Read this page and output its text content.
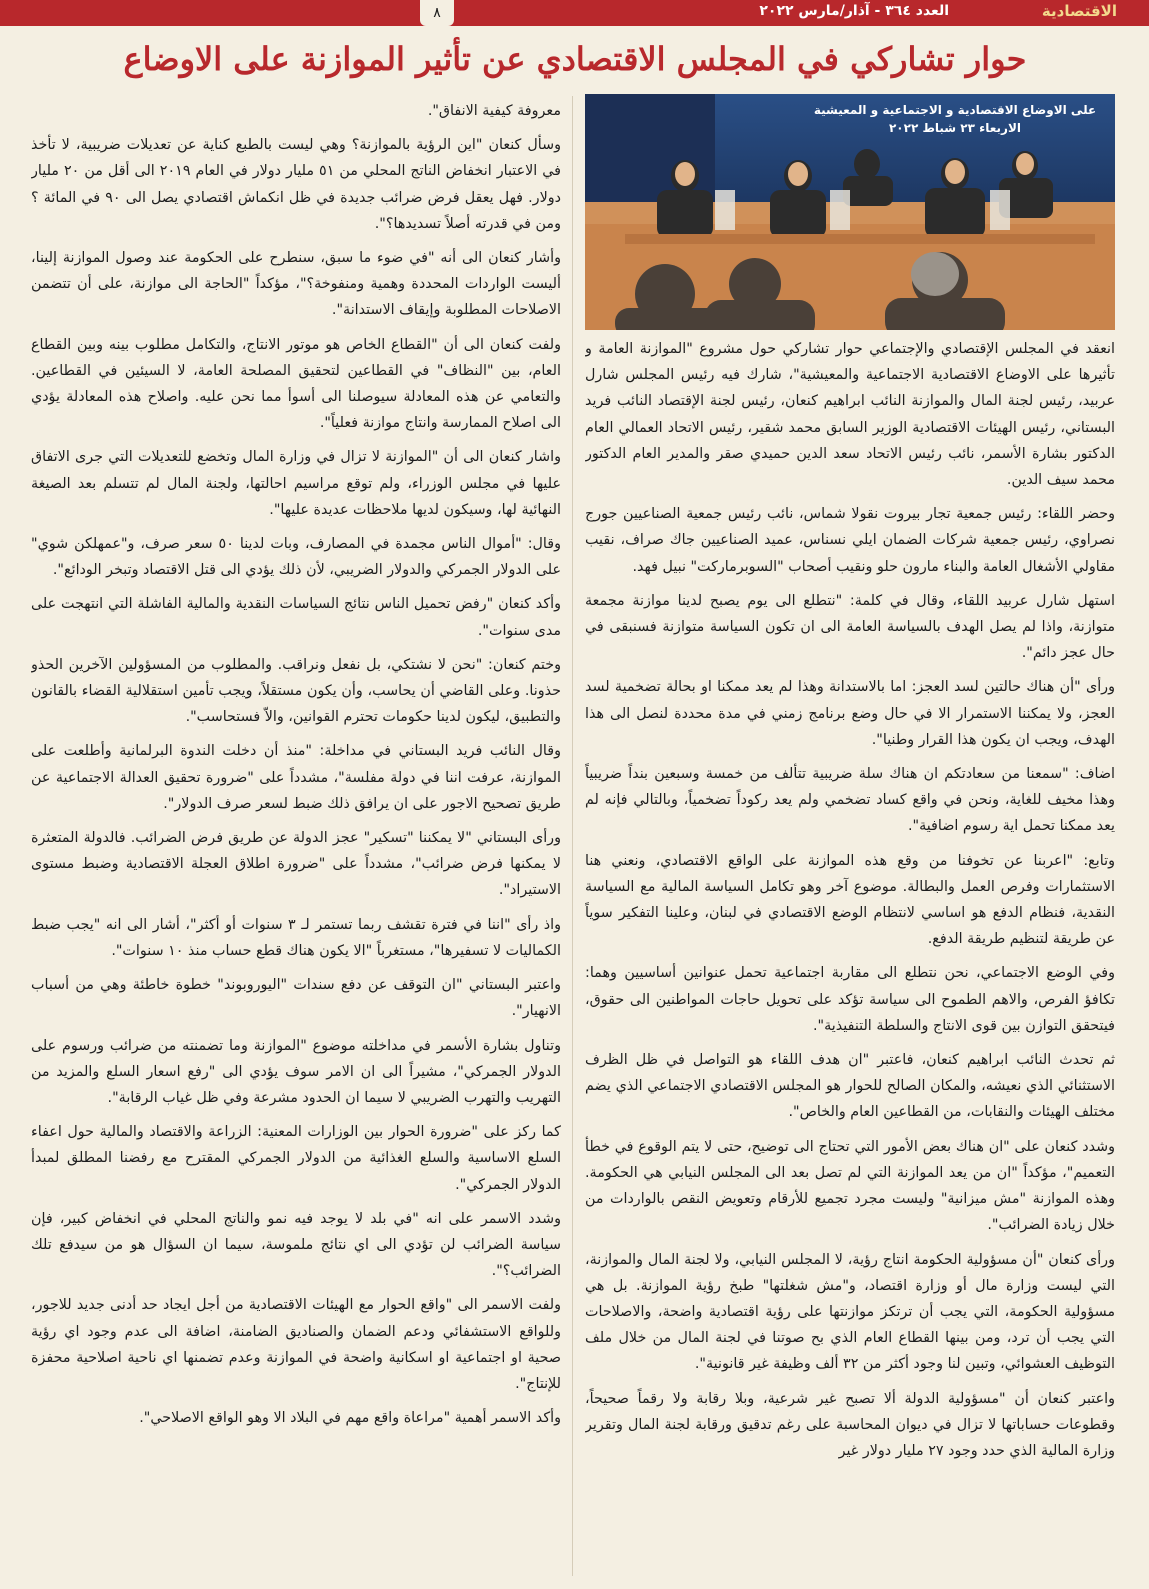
الاقتصادية
العدد ٣٦٤ - آذار/مارس ٢٠٢٢
٨
حوار تشاركي في المجلس الاقتصادي عن تأثير الموازنة على الاوضاع
على الاوضاع الاقتصادية و الاجتماعية و المعيشية
الاربعاء ٢٣ شباط ٢٠٢٢

انعقد في المجلس الإقتصادي والإجتماعي حوار تشاركي حول مشروع "الموازنة العامة و تأثيرها على الاوضاع الاقتصادية الاجتماعية والمعيشية"، شارك فيه رئيس المجلس شارل عربيد، رئيس لجنة المال والموازنة النائب ابراهيم كنعان، رئيس لجنة الإقتصاد النائب فريد البستاني، رئيس الهيئات الاقتصادية الوزير السابق محمد شقير، رئيس الاتحاد العمالي العام الدكتور بشارة الأسمر، نائب رئيس الاتحاد سعد الدين حميدي صقر والمدير العام الدكتور محمد سيف الدين.

وحضر اللقاء: رئيس جمعية تجار بيروت نقولا شماس، نائب رئيس جمعية الصناعيين جورج نصراوي، رئيس جمعية شركات الضمان ايلي نسناس، عميد الصناعيين جاك صراف، نقيب مقاولي الأشغال العامة والبناء مارون حلو ونقيب أصحاب "السوبرماركت" نبيل فهد.

استهل شارل عربيد اللقاء، وقال في كلمة: "نتطلع الى يوم يصبح لدينا موازنة مجمعة متوازنة، واذا لم يصل الهدف بالسياسة العامة الى ان تكون السياسة متوازنة فسنبقى في حال عجز دائم".

ورأى "أن هناك حالتين لسد العجز: اما بالاستدانة وهذا لم يعد ممكنا او بحالة تضخمية لسد العجز، ولا يمكننا الاستمرار الا في حال وضع برنامج زمني في مدة محددة لنصل الى هذا الهدف، ويجب ان يكون هذا القرار وطنيا".

اضاف: "سمعنا من سعادتكم ان هناك سلة ضريبية تتألف من خمسة وسبعين بنداً ضريبياً وهذا مخيف للغاية، ونحن في واقع كساد تضخمي ولم يعد ركوداً تضخمياً، وبالتالي فإنه لم يعد ممكنا تحمل اية رسوم اضافية".

وتابع: "اعربنا عن تخوفنا من وقع هذه الموازنة على الواقع الاقتصادي، ونعني هنا الاستثمارات وفرص العمل والبطالة. موضوع آخر وهو تكامل السياسة المالية مع السياسة النقدية، فنظام الدفع هو اساسي لانتظام الوضع الاقتصادي في لبنان، وعلينا التفكير سوياً عن طريقة لتنظيم طريقة الدفع.

وفي الوضع الاجتماعي، نحن نتطلع الى مقاربة اجتماعية تحمل عنوانين أساسيين وهما: تكافؤ الفرص، والاهم الطموح الى سياسة تؤكد على تحويل حاجات المواطنين الى حقوق، فيتحقق التوازن بين قوى الانتاج والسلطة التنفيذية".

ثم تحدث النائب ابراهيم كنعان، فاعتبر "ان هدف اللقاء هو التواصل في ظل الظرف الاستثنائي الذي نعيشه، والمكان الصالح للحوار هو المجلس الاقتصادي الاجتماعي الذي يضم مختلف الهيئات والنقابات، من القطاعين العام والخاص".

وشدد كنعان على "ان هناك بعض الأمور التي تحتاج الى توضيح، حتى لا يتم الوقوع في خطأ التعميم"، مؤكداً "ان من يعد الموازنة التي لم تصل بعد الى المجلس النيابي هي الحكومة. وهذه الموازنة "مش ميزانية" وليست مجرد تجميع للأرقام وتعويض النقص بالواردات من خلال زيادة الضرائب".

ورأى كنعان "أن مسؤولية الحكومة انتاج رؤية، لا المجلس النيابي، ولا لجنة المال والموازنة، التي ليست وزارة مال أو وزارة اقتصاد، و"مش شغلتها" طبخ رؤية الموازنة. بل هي مسؤولية الحكومة، التي يجب أن ترتكز موازنتها على رؤية اقتصادية واضحة، والاصلاحات التي يجب أن ترد، ومن بينها القطاع العام الذي بح صوتنا في لجنة المال من خلال ملف التوظيف العشوائي، وتبين لنا وجود أكثر من ٣٢ ألف وظيفة غير قانونية".

واعتبر كنعان أن "مسؤولية الدولة ألا تصبح غير شرعية، وبلا رقابة ولا رقماً صحيحاً، وقطوعات حساباتها لا تزال في ديوان المحاسبة على رغم تدقيق ورقابة لجنة المال وتقرير وزارة المالية الذي حدد وجود ٢٧ مليار دولار غير

معروفة كيفية الانفاق".

وسأل كنعان "اين الرؤية بالموازنة؟ وهي ليست بالطبع كناية عن تعديلات ضريبية، لا تأخذ في الاعتبار انخفاض الناتج المحلي من ٥١ مليار دولار في العام ٢٠١٩ الى أقل من ٢٠ مليار دولار. فهل يعقل فرض ضرائب جديدة في ظل انكماش اقتصادي يصل الى ٩٠ في المائة ؟ ومن في قدرته أصلاً تسديدها؟".

وأشار كنعان الى أنه "في ضوء ما سبق، سنطرح على الحكومة عند وصول الموازنة إلينا، أليست الواردات المحددة وهمية ومنفوخة؟"، مؤكداً "الحاجة الى موازنة، على أن تتضمن الاصلاحات المطلوبة وإيقاف الاستدانة".

ولفت كنعان الى أن "القطاع الخاص هو موتور الانتاج، والتكامل مطلوب بينه وبين القطاع العام، بين "النظاف" في القطاعين لتحقيق المصلحة العامة، لا السيئين في القطاعين. والتعامي عن هذه المعادلة سيوصلنا الى أسوأ مما نحن عليه. واصلاح هذه المعادلة يؤدي الى اصلاح الممارسة وانتاج موازنة فعلياً".

واشار كنعان الى أن "الموازنة لا تزال في وزارة المال وتخضع للتعديلات التي جرى الاتفاق عليها في مجلس الوزراء، ولم توقع مراسيم احالتها، ولجنة المال لم تتسلم بعد الصيغة النهائية لها، وسيكون لديها ملاحظات عديدة عليها".

وقال: "أموال الناس مجمدة في المصارف، وبات لدينا ٥٠ سعر صرف، و"عمهلكن شوي" على الدولار الجمركي والدولار الضريبي، لأن ذلك يؤدي الى قتل الاقتصاد وتبخر الودائع".

وأكد كنعان "رفض تحميل الناس نتائج السياسات النقدية والمالية الفاشلة التي انتهجت على مدى سنوات".

وختم كنعان: "نحن لا نشتكي، بل نفعل ونراقب. والمطلوب من المسؤولين الآخرين الحذو حذونا. وعلى القاضي أن يحاسب، وأن يكون مستقلاً، ويجب تأمين استقلالية القضاء بالقانون والتطبيق، ليكون لدينا حكومات تحترم القوانين، والاّ فستحاسب".

وقال النائب فريد البستاني في مداخلة: "منذ أن دخلت الندوة البرلمانية وأطلعت على الموازنة، عرفت اننا في دولة مفلسة"، مشدداً على "ضرورة تحقيق العدالة الاجتماعية عن طريق تصحيح الاجور على ان يرافق ذلك ضبط لسعر صرف الدولار".

ورأى البستاني "لا يمكننا "تسكير" عجز الدولة عن طريق فرض الضرائب. فالدولة المتعثرة لا يمكنها فرض ضرائب"، مشدداً على "ضرورة اطلاق العجلة الاقتصادية وضبط مستوى الاستيراد".

واذ رأى "اننا في فترة تقشف ربما تستمر لـ ٣ سنوات أو أكثر"، أشار الى انه "يجب ضبط الكماليات لا تسفيرها"، مستغرباً "الا يكون هناك قطع حساب منذ ١٠ سنوات".

واعتبر البستاني "ان التوقف عن دفع سندات "اليوروبوند" خطوة خاطئة وهي من أسباب الانهيار".

وتناول بشارة الأسمر في مداخلته موضوع "الموازنة وما تضمنته من ضرائب ورسوم على الدولار الجمركي"، مشيراً الى ان الامر سوف يؤدي الى "رفع اسعار السلع والمزيد من التهريب والتهرب الضريبي لا سيما ان الحدود مشرعة وفي ظل غياب الرقابة".

كما ركز على "ضرورة الحوار بين الوزارات المعنية: الزراعة والاقتصاد والمالية حول اعفاء السلع الاساسية والسلع الغذائية من الدولار الجمركي المقترح مع رفضنا المطلق لمبدأ الدولار الجمركي".

وشدد الاسمر على انه "في بلد لا يوجد فيه نمو والناتج المحلي في انخفاض كبير، فإن سياسة الضرائب لن تؤدي الى اي نتائج ملموسة، سيما ان السؤال هو من سيدفع تلك الضرائب؟".

ولفت الاسمر الى "واقع الحوار مع الهيئات الاقتصادية من أجل ايجاد حد أدنى جديد للاجور، وللواقع الاستشفائي ودعم الضمان والصناديق الضامنة، اضافة الى عدم وجود اي رؤية صحية او اجتماعية او اسكانية واضحة في الموازنة وعدم تضمنها اي ناحية اصلاحية محفزة للإنتاج".

وأكد الاسمر أهمية "مراعاة واقع مهم في البلاد الا وهو الواقع الاصلاحي".
